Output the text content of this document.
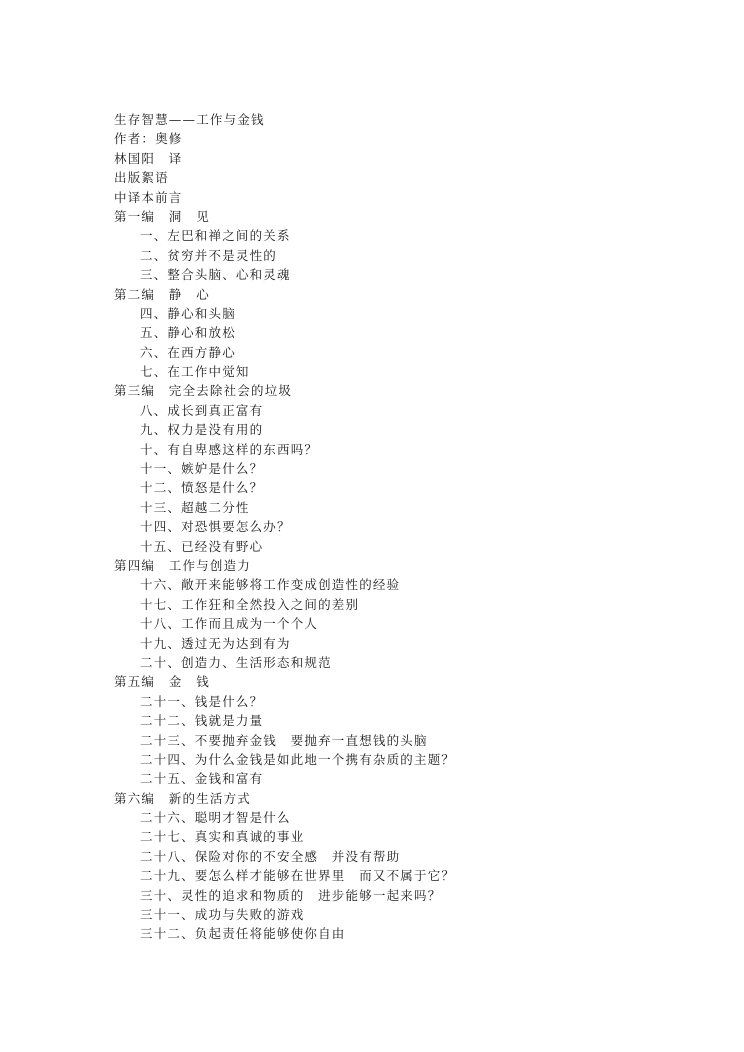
生存智慧——工作与金钱
作者：奥修
林国阳　译
出版絮语
中译本前言
第一编　洞　见
一、左巴和禅之间的关系
二、贫穷并不是灵性的
三、整合头脑、心和灵魂
第二编　静　心
四、静心和头脑
五、静心和放松
六、在西方静心
七、在工作中觉知
第三编　完全去除社会的垃圾
八、成长到真正富有
九、权力是没有用的
十、有自卑感这样的东西吗？
十一、嫉妒是什么？
十二、愤怒是什么？
十三、超越二分性
十四、对恐惧要怎么办？
十五、已经没有野心
第四编　工作与创造力
十六、敞开来能够将工作变成创造性的经验
十七、工作狂和全然投入之间的差别
十八、工作而且成为一个个人
十九、透过无为达到有为
二十、创造力、生活形态和规范
第五编　金　钱
二十一、钱是什么？
二十二、钱就是力量
二十三、不要抛弃金钱　要抛弃一直想钱的头脑
二十四、为什么金钱是如此地一个携有杂质的主题？
二十五、金钱和富有
第六编　新的生活方式
二十六、聪明才智是什么
二十七、真实和真诚的事业
二十八、保险对你的不安全感　并没有帮助
二十九、要怎么样才能够在世界里　而又不属于它？
三十、灵性的追求和物质的　进步能够一起来吗？
三十一、成功与失败的游戏
三十二、负起责任将能够使你自由
